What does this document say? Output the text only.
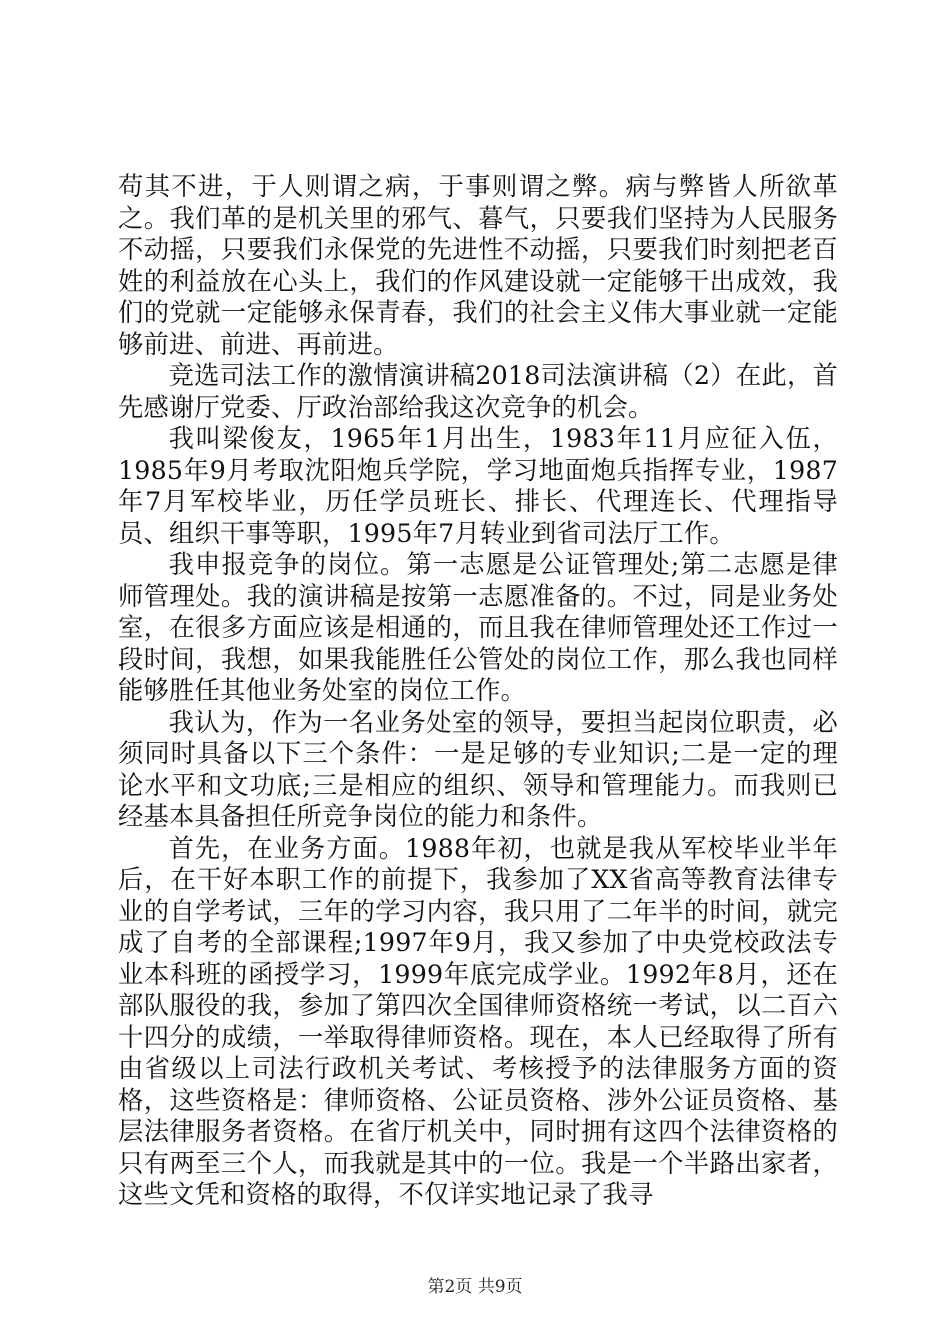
苟其不进，于人则谓之病，于事则谓之弊。病与弊皆人所欲革之。我们革的是机关里的邪气、暮气，只要我们坚持为人民服务不动摇，只要我们永保党的先进性不动摇，只要我们时刻把老百姓的利益放在心头上，我们的作风建设就一定能够干出成效，我们的党就一定能够永保青春，我们的社会主义伟大事业就一定能够前进、前进、再前进。

竞选司法工作的激情演讲稿2018司法演讲稿（2）在此，首先感谢厅党委、厅政治部给我这次竞争的机会。

我叫梁俊友，1965年1月出生，1983年11月应征入伍，1985年9月考取沈阳炮兵学院，学习地面炮兵指挥专业，1987年7月军校毕业，历任学员班长、排长、代理连长、代理指导员、组织干事等职，1995年7月转业到省司法厅工作。

我申报竞争的岗位。第一志愿是公证管理处;第二志愿是律师管理处。我的演讲稿是按第一志愿准备的。不过，同是业务处室，在很多方面应该是相通的，而且我在律师管理处还工作过一段时间，我想，如果我能胜任公管处的岗位工作，那么我也同样能够胜任其他业务处室的岗位工作。

我认为，作为一名业务处室的领导，要担当起岗位职责，必须同时具备以下三个条件：一是足够的专业知识;二是一定的理论水平和文功底;三是相应的组织、领导和管理能力。而我则已经基本具备担任所竞争岗位的能力和条件。

首先，在业务方面。1988年初，也就是我从军校毕业半年后，在干好本职工作的前提下，我参加了XX省高等教育法律专业的自学考试，三年的学习内容，我只用了二年半的时间，就完成了自考的全部课程;1997年9月，我又参加了中央党校政法专业本科班的函授学习，1999年底完成学业。1992年8月，还在部队服役的我，参加了第四次全国律师资格统一考试，以二百六十四分的成绩，一举取得律师资格。现在，本人已经取得了所有由省级以上司法行政机关考试、考核授予的法律服务方面的资格，这些资格是：律师资格、公证员资格、涉外公证员资格、基层法律服务者资格。在省厅机关中，同时拥有这四个法律资格的只有两至三个人，而我就是其中的一位。我是一个半路出家者，这些文凭和资格的取得，不仅详实地记录了我寻

第2页 共9页
